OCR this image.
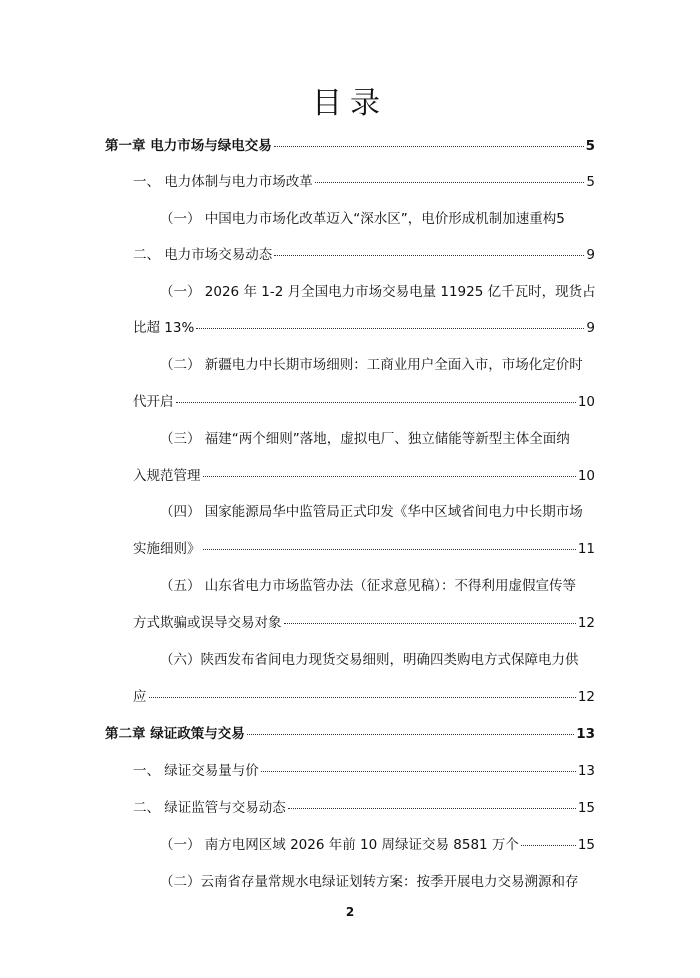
目录
第一章 电力市场与绿电交易	5
一、 电力体制与电力市场改革	5
（一） 中国电力市场化改革迈入“深水区”，电价形成机制加速重构 5
二、 电力市场交易动态	9
（一） 2026 年 1-2 月全国电力市场交易电量 11925 亿千瓦时，现货占
比超 13%	9
（二） 新疆电力中长期市场细则：工商业用户全面入市，市场化定价时
代开启	10
（三） 福建“两个细则”落地，虚拟电厂、独立储能等新型主体全面纳
入规范管理	10
（四） 国家能源局华中监管局正式印发《华中区域省间电力中长期市场
实施细则》	11
（五） 山东省电力市场监管办法（征求意见稿）：不得利用虚假宣传等
方式欺骗或误导交易对象	12
（六）陕西发布省间电力现货交易细则，明确四类购电方式保障电力供
应	12
第二章 绿证政策与交易	13
一、 绿证交易量与价	13
二、 绿证监管与交易动态	15
（一） 南方电网区域 2026 年前 10 周绿证交易 8581 万个	15
（二）云南省存量常规水电绿证划转方案：按季开展电力交易溯源和存
2
